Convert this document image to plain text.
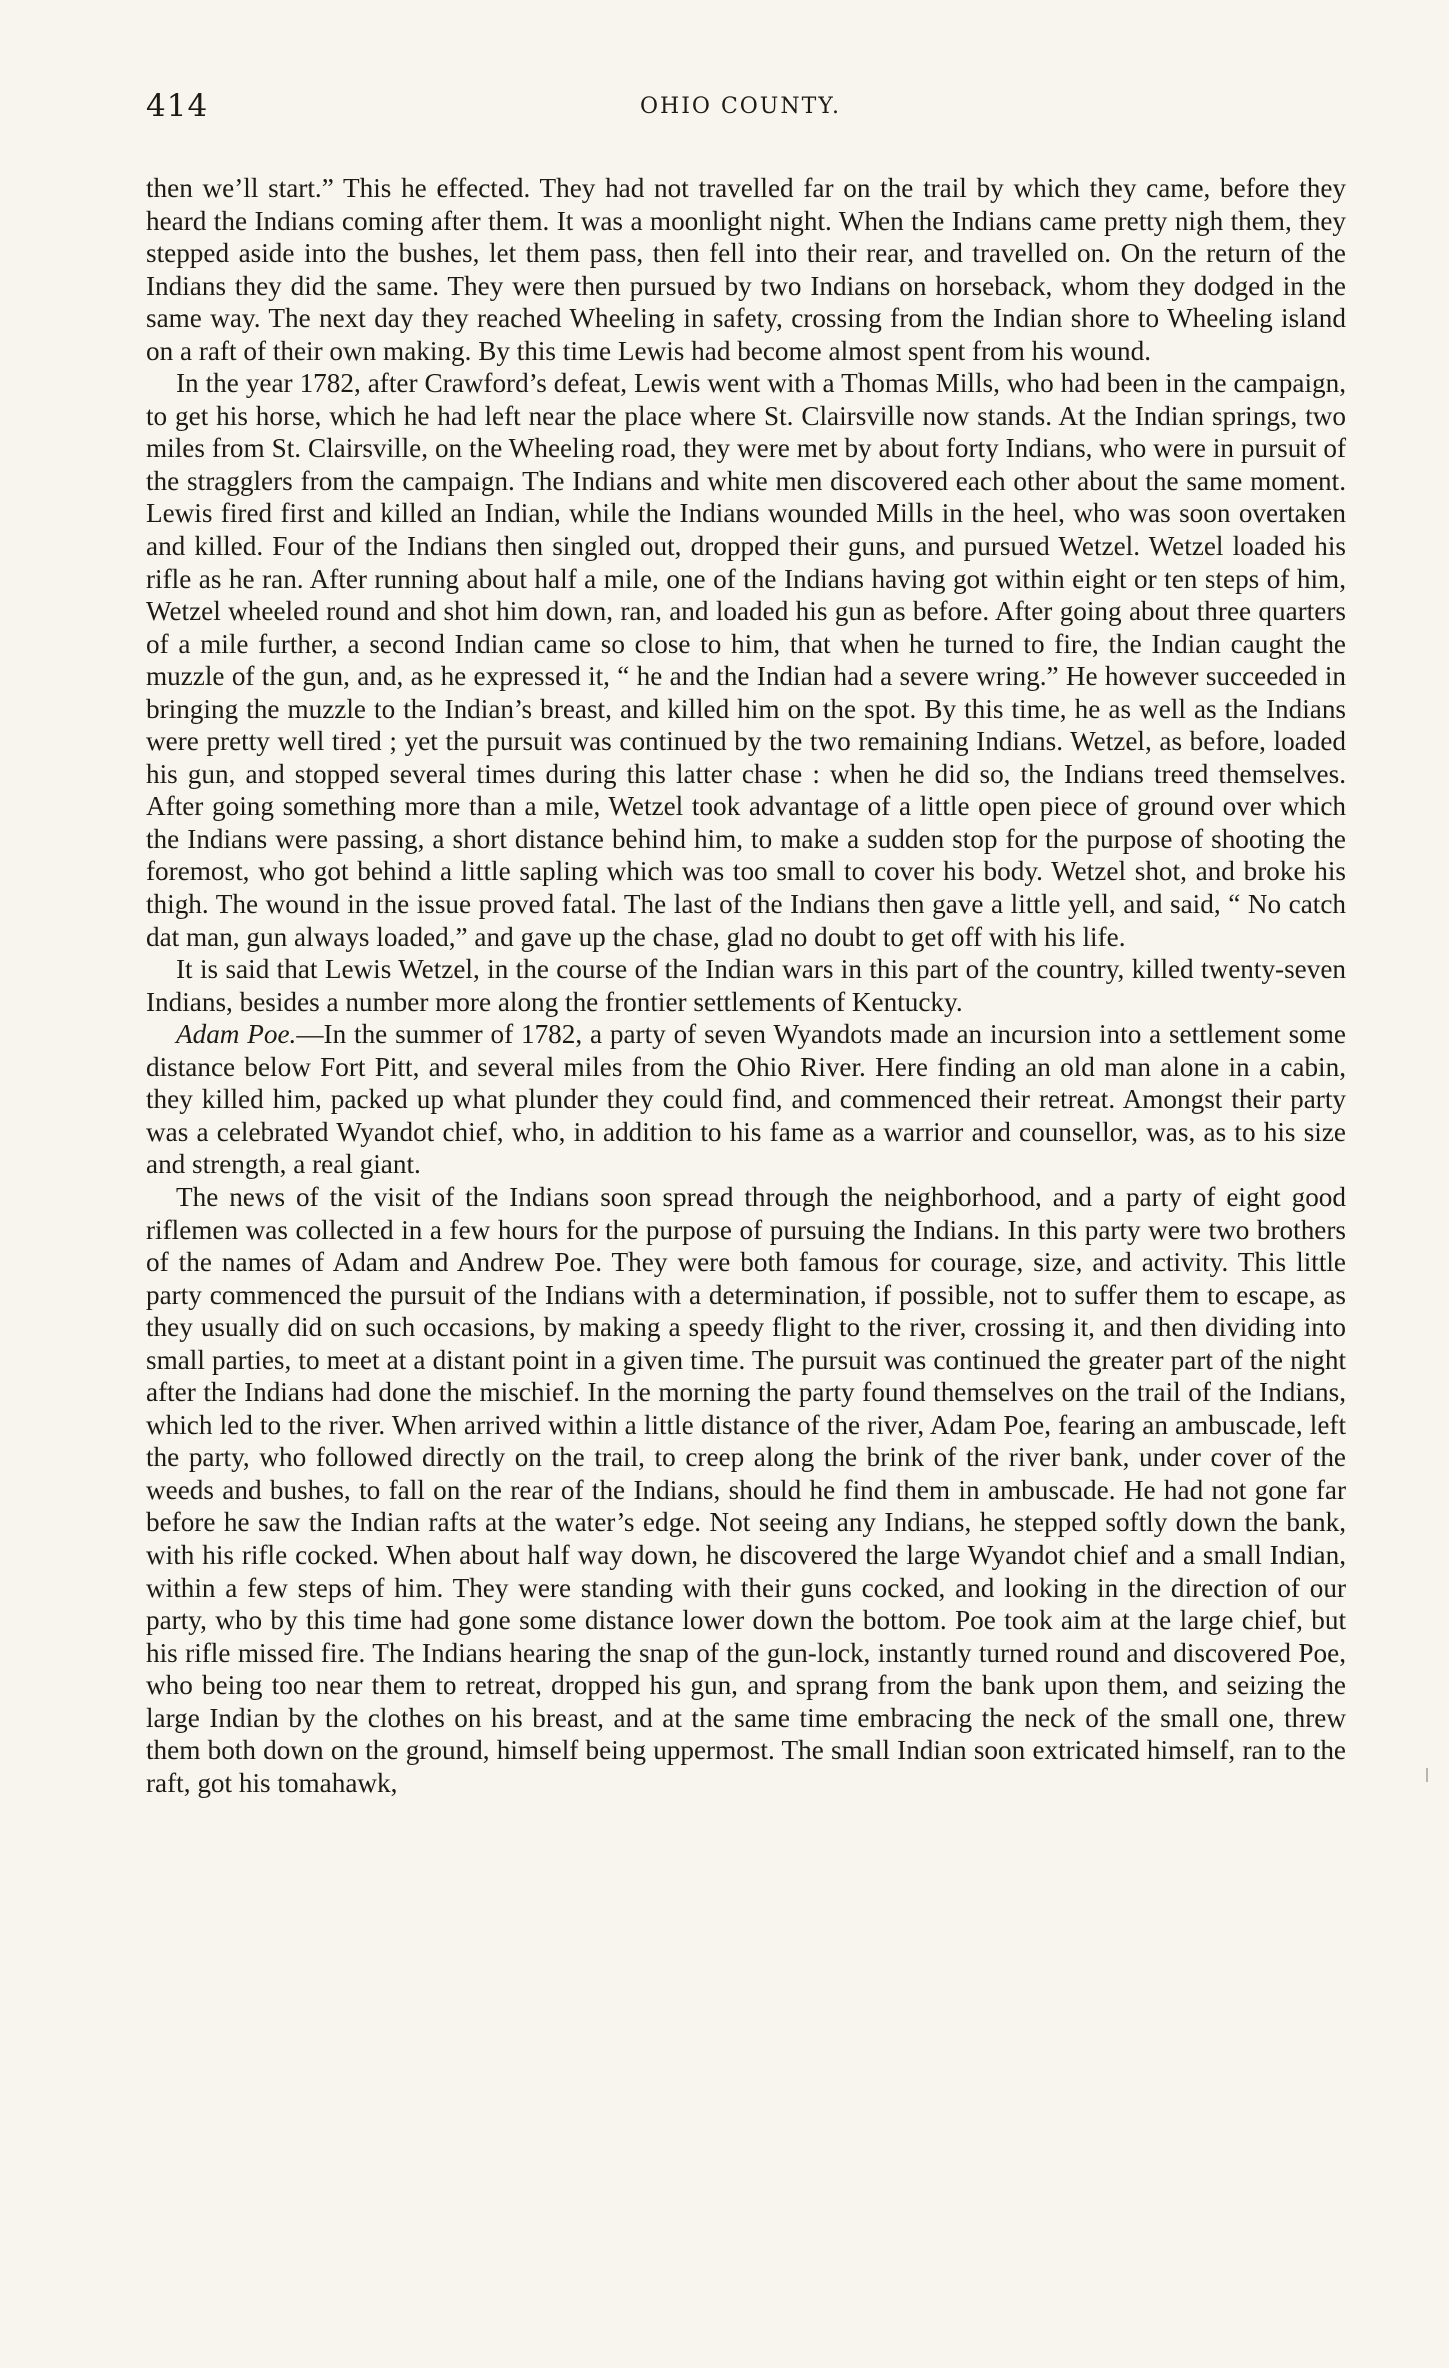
414	OHIO COUNTY.

then we’ll start.” This he effected. They had not travelled far on the trail by which they came, before they heard the Indians coming after them. It was a moonlight night. When the Indians came pretty nigh them, they stepped aside into the bushes, let them pass, then fell into their rear, and travelled on. On the return of the Indians they did the same. They were then pursued by two Indians on horseback, whom they dodged in the same way. The next day they reached Wheeling in safety, crossing from the Indian shore to Wheeling island on a raft of their own making. By this time Lewis had become almost spent from his wound.

In the year 1782, after Crawford’s defeat, Lewis went with a Thomas Mills, who had been in the campaign, to get his horse, which he had left near the place where St. Clairsville now stands. At the Indian springs, two miles from St. Clairsville, on the Wheeling road, they were met by about forty Indians, who were in pursuit of the stragglers from the campaign. The Indians and white men discovered each other about the same moment. Lewis fired first and killed an Indian, while the Indians wounded Mills in the heel, who was soon overtaken and killed. Four of the Indians then singled out, dropped their guns, and pursued Wetzel. Wetzel loaded his rifle as he ran. After running about half a mile, one of the Indians having got within eight or ten steps of him, Wetzel wheeled round and shot him down, ran, and loaded his gun as before. After going about three quarters of a mile further, a second Indian came so close to him, that when he turned to fire, the Indian caught the muzzle of the gun, and, as he expressed it, “ he and the Indian had a severe wring.” He however succeeded in bringing the muzzle to the Indian’s breast, and killed him on the spot. By this time, he as well as the Indians were pretty well tired ; yet the pursuit was continued by the two remaining Indians. Wetzel, as before, loaded his gun, and stopped several times during this latter chase : when he did so, the Indians treed themselves. After going something more than a mile, Wetzel took advantage of a little open piece of ground over which the Indians were passing, a short distance behind him, to make a sudden stop for the purpose of shooting the foremost, who got behind a little sapling which was too small to cover his body. Wetzel shot, and broke his thigh. The wound in the issue proved fatal. The last of the Indians then gave a little yell, and said, “ No catch dat man, gun always loaded,” and gave up the chase, glad no doubt to get off with his life.

It is said that Lewis Wetzel, in the course of the Indian wars in this part of the country, killed twenty-seven Indians, besides a number more along the frontier settlements of Kentucky.

Adam Poe.—In the summer of 1782, a party of seven Wyandots made an incursion into a settlement some distance below Fort Pitt, and several miles from the Ohio River. Here finding an old man alone in a cabin, they killed him, packed up what plunder they could find, and commenced their retreat. Amongst their party was a celebrated Wyandot chief, who, in addition to his fame as a warrior and counsellor, was, as to his size and strength, a real giant.

The news of the visit of the Indians soon spread through the neighborhood, and a party of eight good riflemen was collected in a few hours for the purpose of pursuing the Indians. In this party were two brothers of the names of Adam and Andrew Poe. They were both famous for courage, size, and activity. This little party commenced the pursuit of the Indians with a determination, if possible, not to suffer them to escape, as they usually did on such occasions, by making a speedy flight to the river, crossing it, and then dividing into small parties, to meet at a distant point in a given time. The pursuit was continued the greater part of the night after the Indians had done the mischief. In the morning the party found themselves on the trail of the Indians, which led to the river. When arrived within a little distance of the river, Adam Poe, fearing an ambuscade, left the party, who followed directly on the trail, to creep along the brink of the river bank, under cover of the weeds and bushes, to fall on the rear of the Indians, should he find them in ambuscade. He had not gone far before he saw the Indian rafts at the water’s edge. Not seeing any Indians, he stepped softly down the bank, with his rifle cocked. When about half way down, he discovered the large Wyandot chief and a small Indian, within a few steps of him. They were standing with their guns cocked, and looking in the direction of our party, who by this time had gone some distance lower down the bottom. Poe took aim at the large chief, but his rifle missed fire. The Indians hearing the snap of the gun-lock, instantly turned round and discovered Poe, who being too near them to retreat, dropped his gun, and sprang from the bank upon them, and seizing the large Indian by the clothes on his breast, and at the same time embracing the neck of the small one, threw them both down on the ground, himself being uppermost. The small Indian soon extricated himself, ran to the raft, got his tomahawk,
